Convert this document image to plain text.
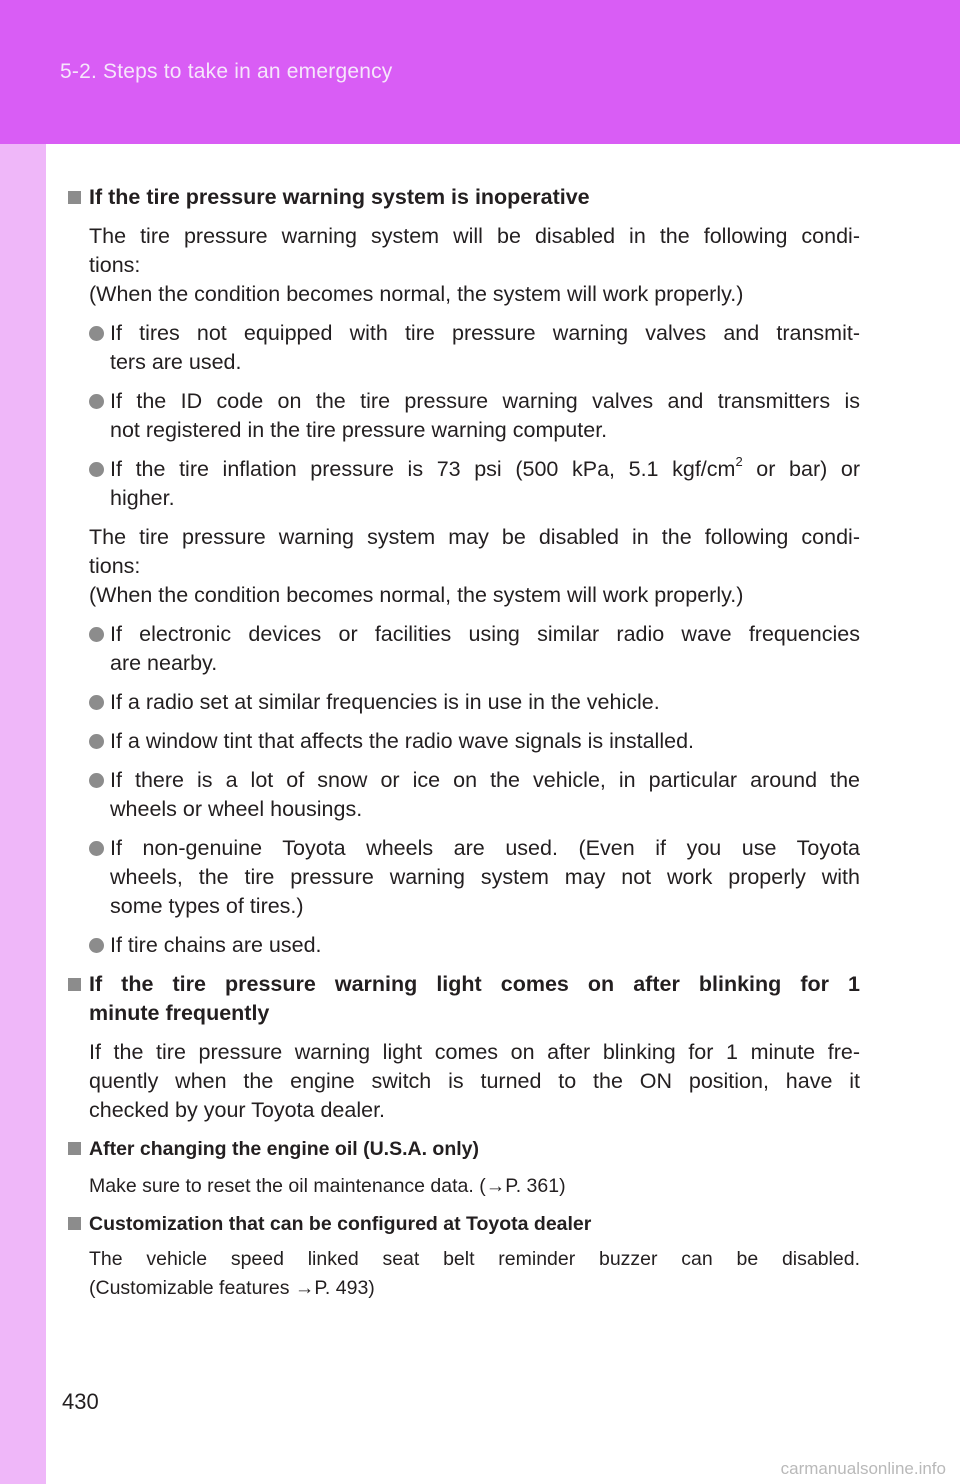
5-2. Steps to take in an emergency
If the tire pressure warning system is inoperative
The tire pressure warning system will be disabled in the following condi-
tions:
(When the condition becomes normal, the system will work properly.)
If tires not equipped with tire pressure warning valves and transmit-
ters are used.
If the ID code on the tire pressure warning valves and transmitters is
not registered in the tire pressure warning computer.
If the tire inflation pressure is 73 psi (500 kPa, 5.1 kgf/$cm^2$ or bar) or
higher.
The tire pressure warning system may be disabled in the following condi-
tions:
(When the condition becomes normal, the system will work properly.)
If electronic devices or facilities using similar radio wave frequencies
are nearby.
If a radio set at similar frequencies is in use in the vehicle.
If a window tint that affects the radio wave signals is installed.
If there is a lot of snow or ice on the vehicle, in particular around the
wheels or wheel housings.
If non-genuine Toyota wheels are used. (Even if you use Toyota
wheels, the tire pressure warning system may not work properly with
some types of tires.)
If tire chains are used.
If the tire pressure warning light comes on after blinking for 1
minute frequently
If the tire pressure warning light comes on after blinking for 1 minute fre-
quently when the engine switch is turned to the ON position, have it
checked by your Toyota dealer.
After changing the engine oil (U.S.A. only)
Make sure to reset the oil maintenance data. (→P. 361)
Customization that can be configured at Toyota dealer
The vehicle speed linked seat belt reminder buzzer can be disabled.
(Customizable features →P. 493)
430
carmanualsonline.info
